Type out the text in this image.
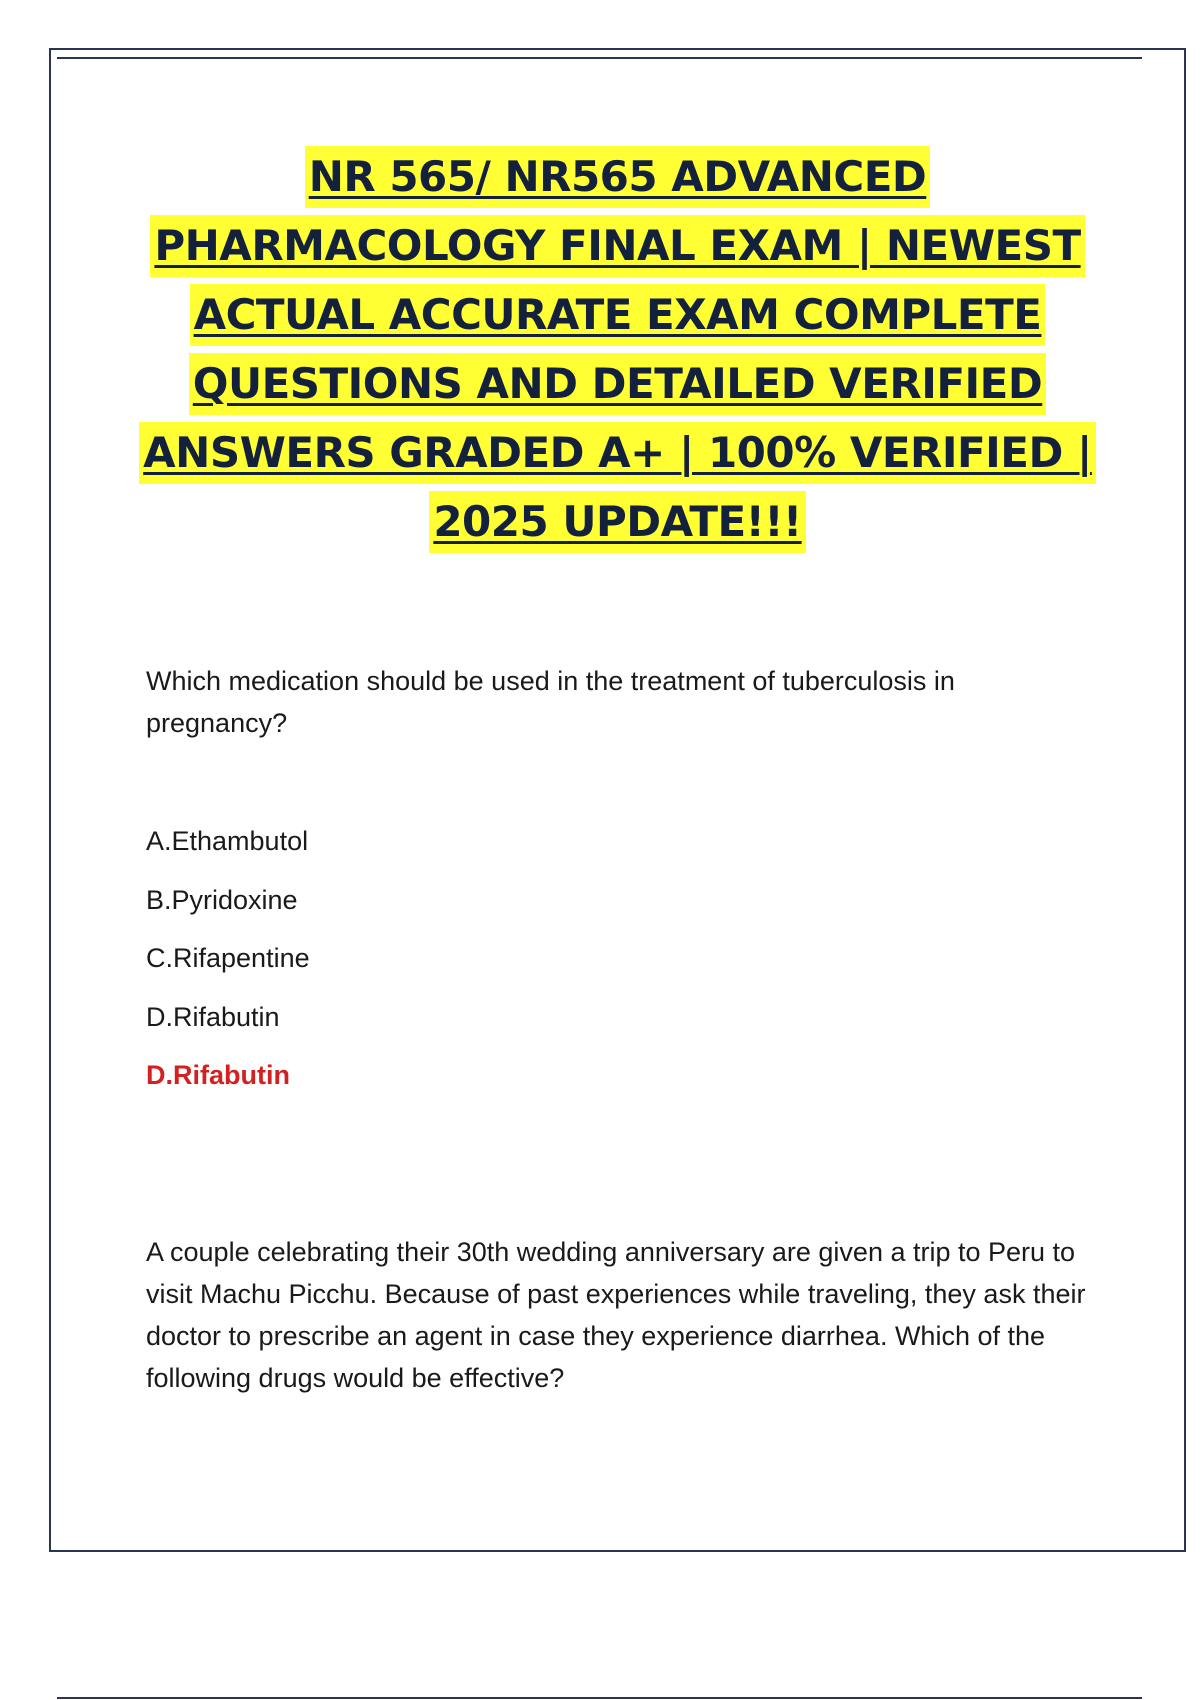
NR 565/ NR565 ADVANCED
PHARMACOLOGY FINAL EXAM | NEWEST
ACTUAL ACCURATE EXAM COMPLETE
QUESTIONS AND DETAILED VERIFIED
ANSWERS GRADED A+ | 100% VERIFIED |
2025 UPDATE!!!

Which medication should be used in the treatment of tuberculosis in pregnancy?

A.Ethambutol
B.Pyridoxine
C.Rifapentine
D.Rifabutin
D.Rifabutin

A couple celebrating their 30th wedding anniversary are given a trip to Peru to visit Machu Picchu. Because of past experiences while traveling, they ask their doctor to prescribe an agent in case they experience diarrhea. Which of the following drugs would be effective?
